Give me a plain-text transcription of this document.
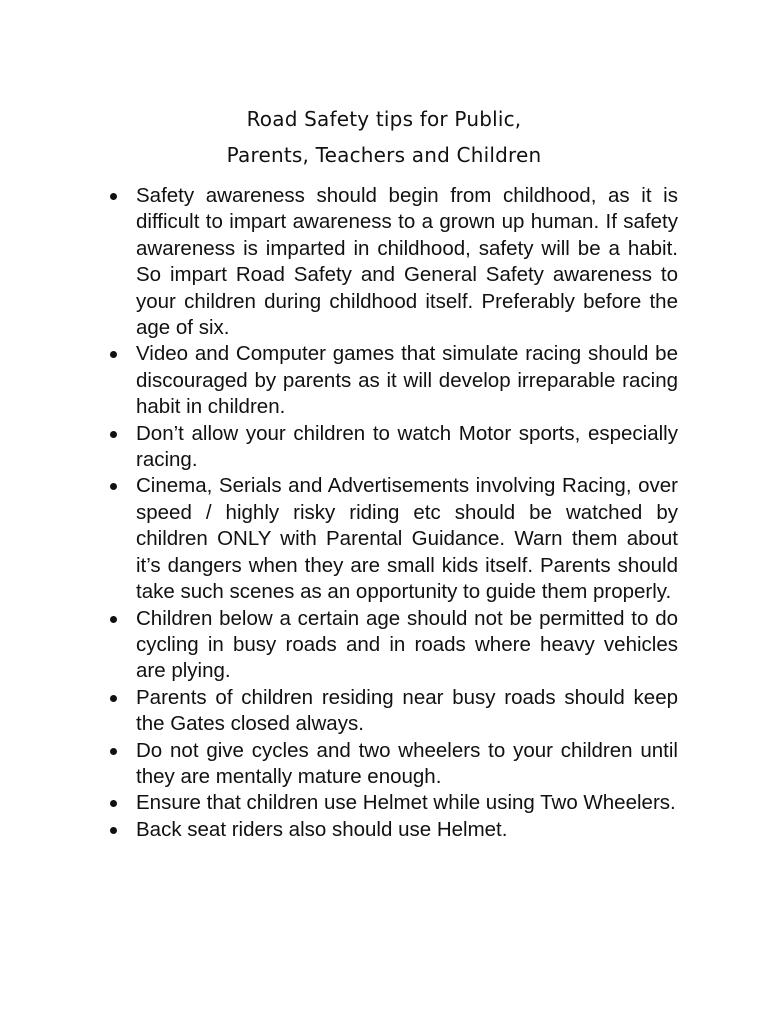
Road Safety tips for Public,
Parents, Teachers and Children
Safety awareness should begin from childhood, as it is difficult to impart awareness to a grown up human. If safety awareness is imparted in childhood, safety will be a habit. So impart Road Safety and General Safety awareness to your children during childhood itself. Preferably before the age of six.
Video and Computer games that simulate racing should be discouraged by parents as it will develop irreparable racing habit in children.
Don’t allow your children to watch Motor sports, especially racing.
Cinema, Serials and Advertisements involving Racing, over speed / highly risky riding etc should be watched by children ONLY with Parental Guidance. Warn them about it’s dangers when they are small kids itself. Parents should take such scenes as an opportunity to guide them properly.
Children below a certain age should not be permitted to do cycling in busy roads and in roads where heavy vehicles are plying.
Parents of children residing near busy roads should keep the Gates closed always.
Do not give cycles and two wheelers to your children until they are mentally mature enough.
Ensure that children use Helmet while using Two Wheelers.
Back seat riders also should use Helmet.
